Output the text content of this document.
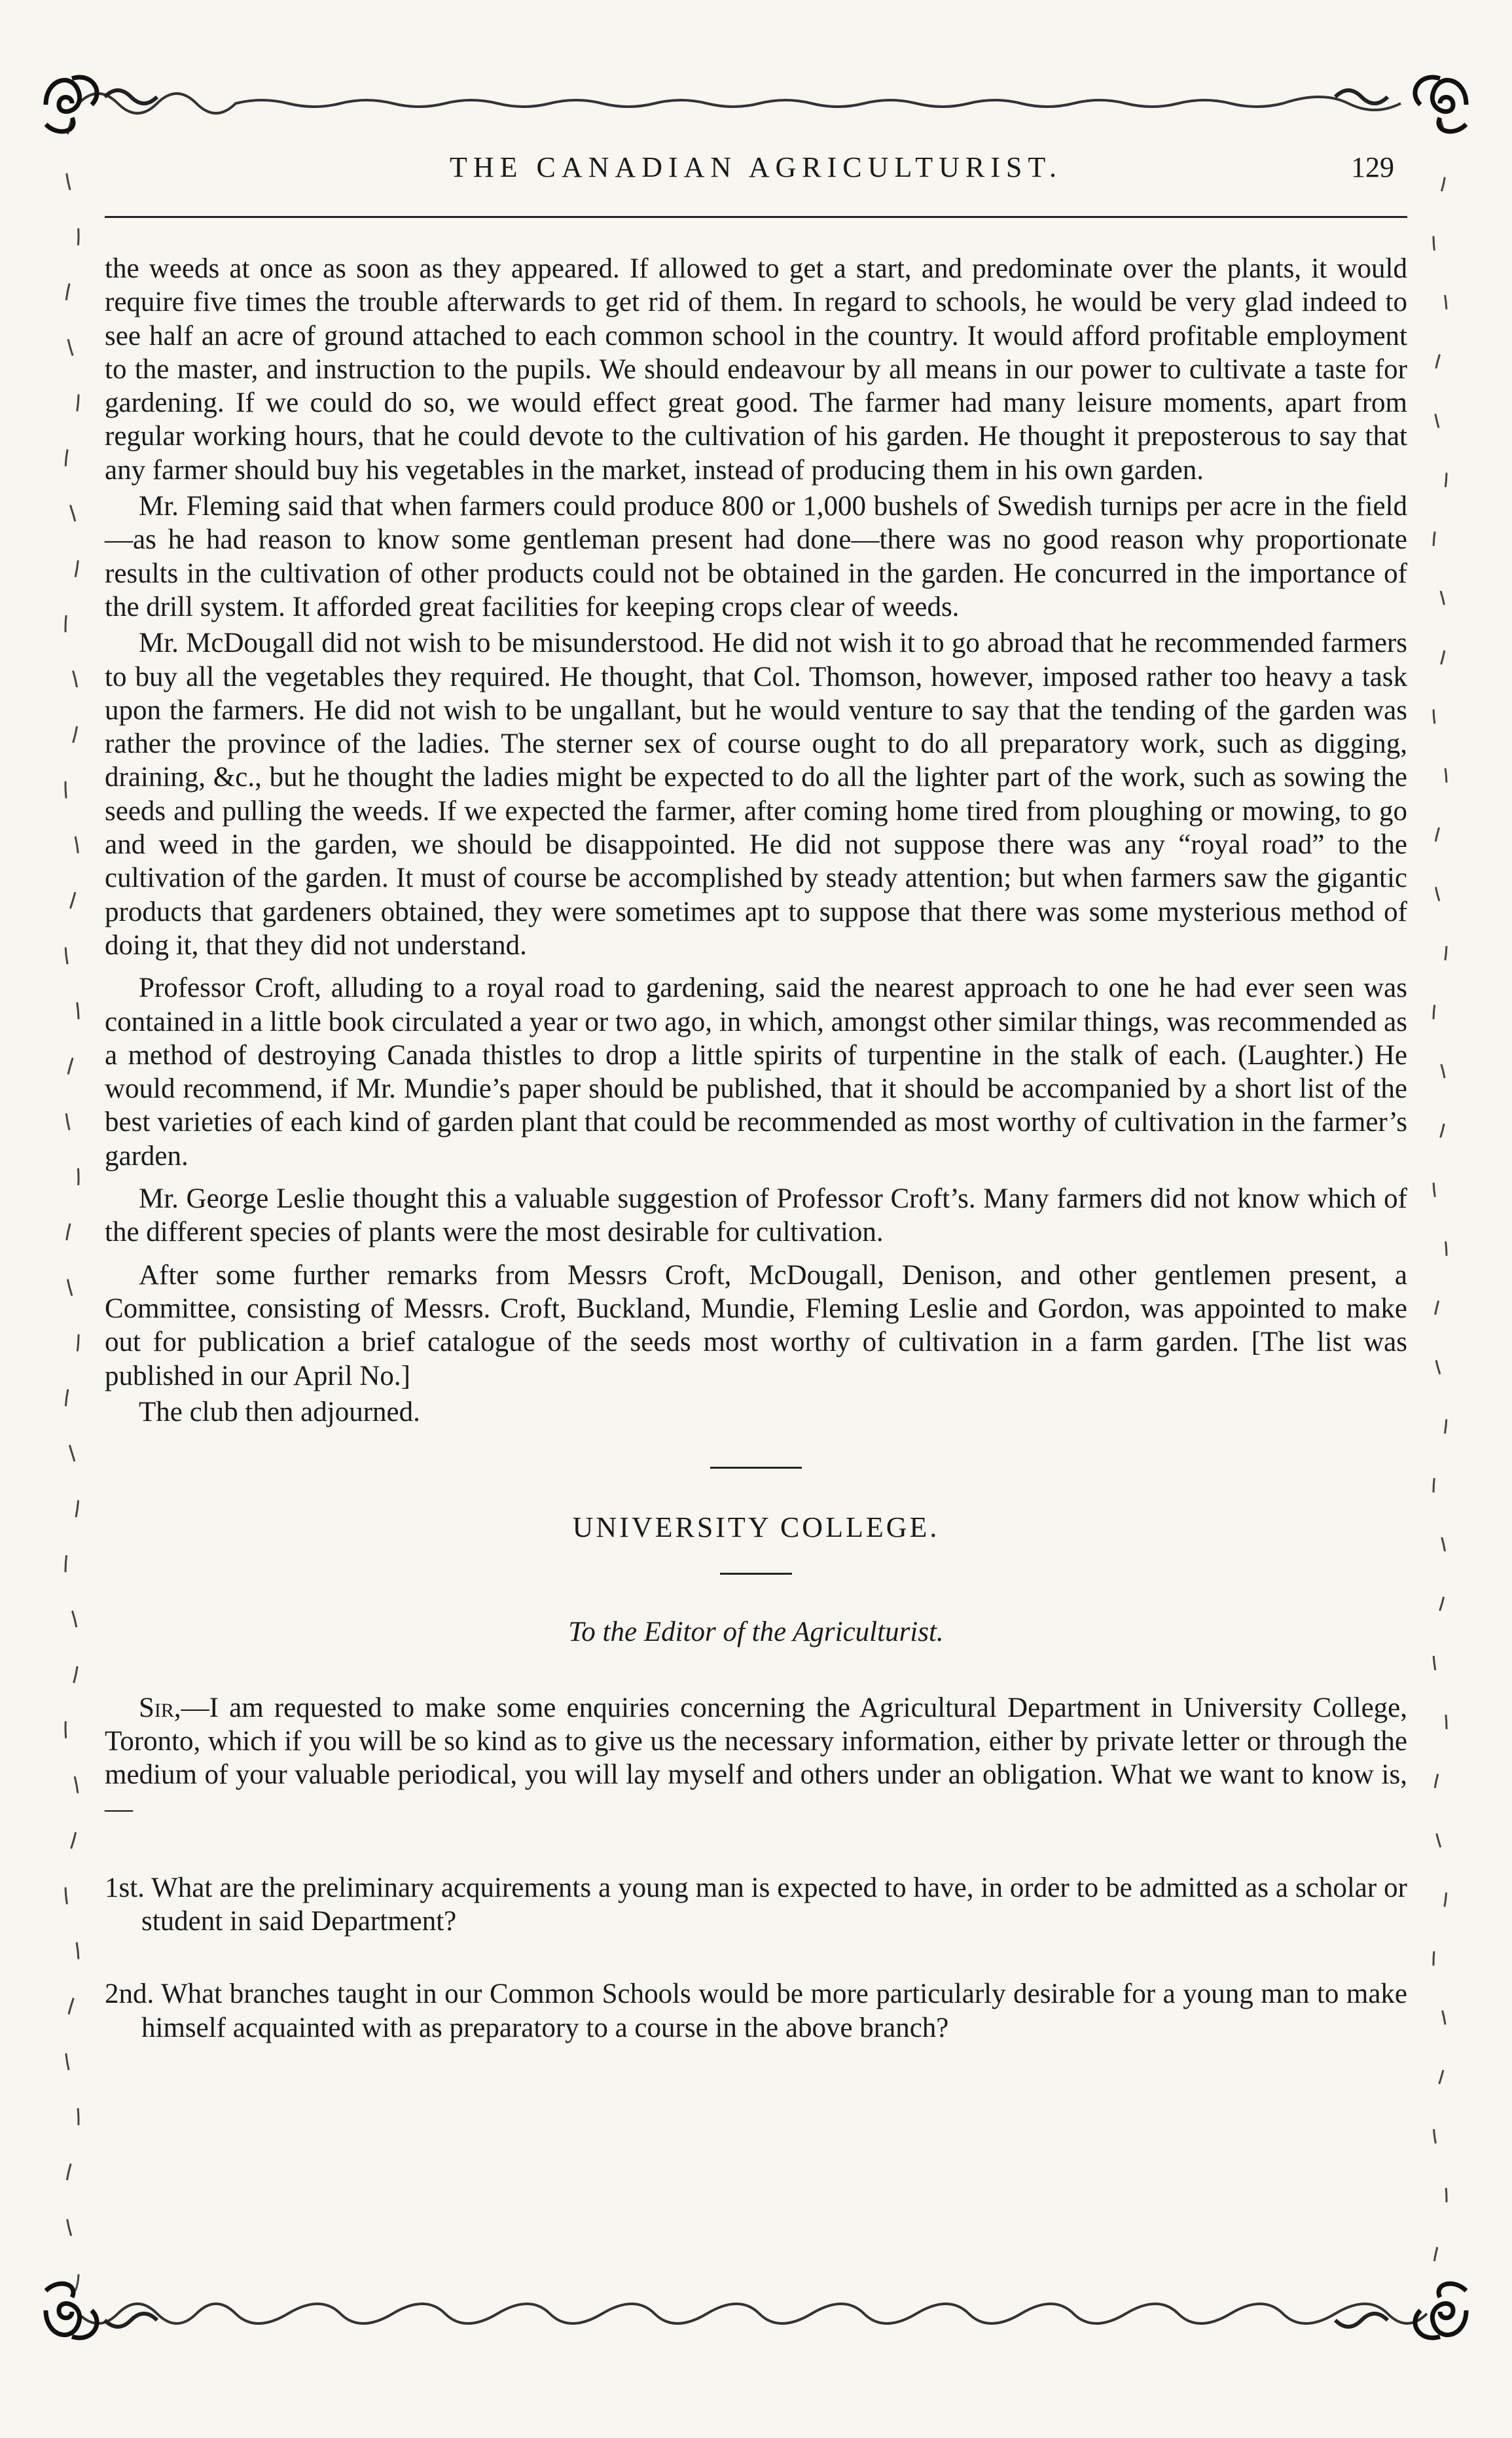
THE CANADIAN AGRICULTURIST.	129

the weeds at once as soon as they appeared. If allowed to get a start, and predominate over the plants, it would require five times the trouble afterwards to get rid of them. In regard to schools, he would be very glad indeed to see half an acre of ground attached to each common school in the country. It would afford profitable employment to the master, and instruction to the pupils. We should endeavour by all means in our power to cultivate a taste for gardening. If we could do so, we would effect great good. The farmer had many leisure moments, apart from regular working hours, that he could devote to the cultivation of his garden. He thought it preposterous to say that any farmer should buy his vegetables in the market, instead of producing them in his own garden.

Mr. Fleming said that when farmers could produce 800 or 1,000 bushels of Swedish turnips per acre in the field—as he had reason to know some gentleman present had done—there was no good reason why proportionate results in the cultivation of other products could not be obtained in the garden. He concurred in the importance of the drill system. It afforded great facilities for keeping crops clear of weeds.

Mr. McDougall did not wish to be misunderstood. He did not wish it to go abroad that he recommended farmers to buy all the vegetables they required. He thought, that Col. Thomson, however, imposed rather too heavy a task upon the farmers. He did not wish to be ungallant, but he would venture to say that the tending of the garden was rather the province of the ladies. The sterner sex of course ought to do all preparatory work, such as digging, draining, &c., but he thought the ladies might be expected to do all the lighter part of the work, such as sowing the seeds and pulling the weeds. If we expected the farmer, after coming home tired from ploughing or mowing, to go and weed in the garden, we should be disappointed. He did not suppose there was any “royal road” to the cultivation of the garden. It must of course be accomplished by steady attention; but when farmers saw the gigantic products that gardeners obtained, they were sometimes apt to suppose that there was some mysterious method of doing it, that they did not understand.

Professor Croft, alluding to a royal road to gardening, said the nearest approach to one he had ever seen was contained in a little book circulated a year or two ago, in which, amongst other similar things, was recommended as a method of destroying Canada thistles to drop a little spirits of turpentine in the stalk of each. (Laughter.) He would recommend, if Mr. Mundie’s paper should be published, that it should be accompanied by a short list of the best varieties of each kind of garden plant that could be recommended as most worthy of cultivation in the farmer’s garden.

Mr. George Leslie thought this a valuable suggestion of Professor Croft’s. Many farmers did not know which of the different species of plants were the most desirable for cultivation.

After some further remarks from Messrs Croft, McDougall, Denison, and other gentlemen present, a Committee, consisting of Messrs. Croft, Buckland, Mundie, Fleming Leslie and Gordon, was appointed to make out for publication a brief catalogue of the seeds most worthy of cultivation in a farm garden. [The list was published in our April No.]

The club then adjourned.

UNIVERSITY COLLEGE.
To the Editor of the Agriculturist.

Sir,—I am requested to make some enquiries concerning the Agricultural Department in University College, Toronto, which if you will be so kind as to give us the necessary information, either by private letter or through the medium of your valuable periodical, you will lay myself and others under an obligation. What we want to know is,—

1st. What are the preliminary acquirements a young man is expected to have, in order to be admitted as a scholar or student in said Department?

2nd. What branches taught in our Common Schools would be more particularly desirable for a young man to make himself acquainted with as preparatory to a course in the above branch?
